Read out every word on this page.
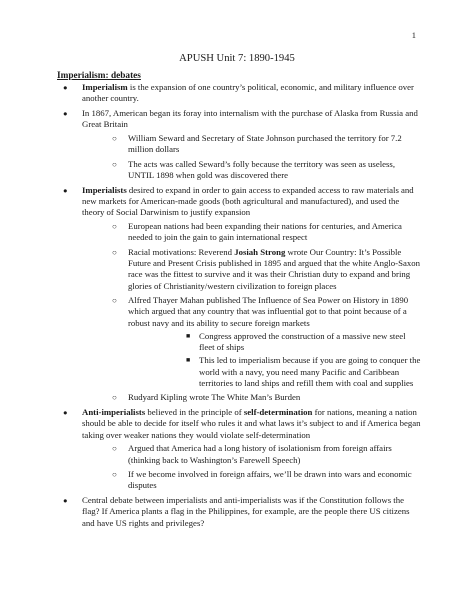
1
APUSH Unit 7: 1890-1945
Imperialism: debates
● Imperialism is the expansion of one country’s political, economic, and military influence over another country.
● In 1867, American began its foray into internalism with the purchase of Alaska from Russia and Great Britain
○ William Seward and Secretary of State Johnson purchased the territory for 7.2 million dollars
○ The acts was called Seward’s folly because the territory was seen as useless, UNTIL 1898 when gold was discovered there
● Imperialists desired to expand in order to gain access to expanded access to raw materials and new markets for American-made goods (both agricultural and manufactured), and used the theory of Social Darwinism to justify expansion
○ European nations had been expanding their nations for centuries, and America needed to join the gain to gain international respect
○ Racial motivations: Reverend Josiah Strong wrote Our Country: It’s Possible Future and Present Crisis published in 1895 and argued that the white Anglo-Saxon race was the fittest to survive and it was their Christian duty to expand and bring glories of Christianity/western civilization to foreign places
○ Alfred Thayer Mahan published The Influence of Sea Power on History in 1890 which argued that any country that was influential got to that point because of a robust navy and its ability to secure foreign markets
■ Congress approved the construction of a massive new steel fleet of ships
■ This led to imperialism because if you are going to conquer the world with a navy, you need many Pacific and Caribbean territories to land ships and refill them with coal and supplies
○ Rudyard Kipling wrote The White Man’s Burden
● Anti-imperialists believed in the principle of self-determination for nations, meaning a nation should be able to decide for itself who rules it and what laws it’s subject to and if America began taking over weaker nations they would violate self-determination
○ Argued that America had a long history of isolationism from foreign affairs (thinking back to Washington’s Farewell Speech)
○ If we become involved in foreign affairs, we’ll be drawn into wars and economic disputes
● Central debate between imperialists and anti-imperialists was if the Constitution follows the flag? If America plants a flag in the Philippines, for example, are the people there US citizens and have US rights and privileges?
